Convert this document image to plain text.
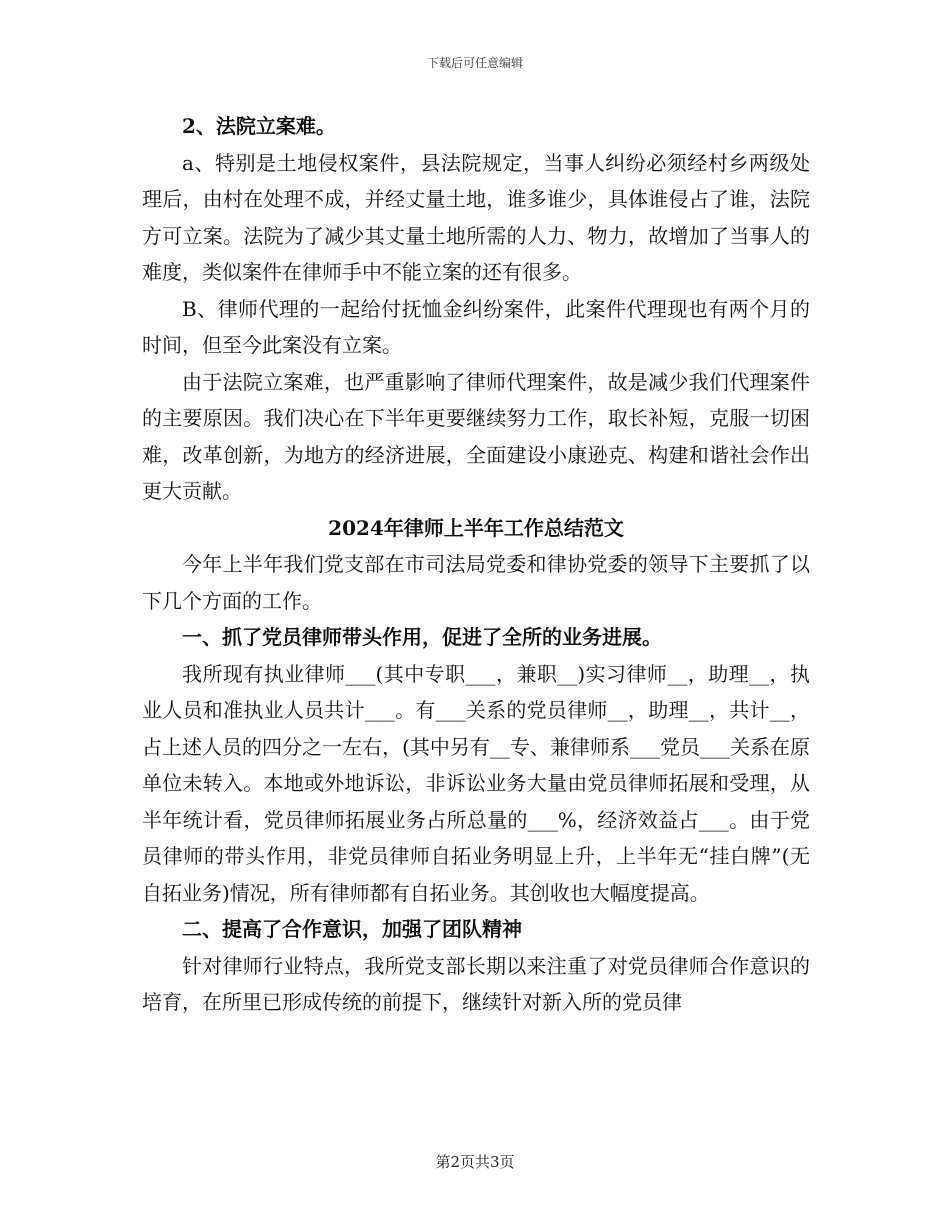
下载后可任意编辑

2、法院立案难。

a、特别是土地侵权案件，县法院规定，当事人纠纷必须经村乡两级处理后，由村在处理不成，并经丈量土地，谁多谁少，具体谁侵占了谁，法院方可立案。法院为了减少其丈量土地所需的人力、物力，故增加了当事人的难度，类似案件在律师手中不能立案的还有很多。

B、律师代理的一起给付抚恤金纠纷案件，此案件代理现也有两个月的时间，但至今此案没有立案。

由于法院立案难，也严重影响了律师代理案件，故是减少我们代理案件的主要原因。我们决心在下半年更要继续努力工作，取长补短，克服一切困难，改革创新，为地方的经济进展，全面建设小康逊克、构建和谐社会作出更大贡献。

2024年律师上半年工作总结范文

今年上半年我们党支部在市司法局党委和律协党委的领导下主要抓了以下几个方面的工作。

一、抓了党员律师带头作用，促进了全所的业务进展。

我所现有执业律师___(其中专职___，兼职__)实习律师__，助理__，执业人员和准执业人员共计___。有___关系的党员律师__，助理__，共计__，占上述人员的四分之一左右，(其中另有__专、兼律师系___党员___关系在原单位未转入。本地或外地诉讼，非诉讼业务大量由党员律师拓展和受理，从半年统计看，党员律师拓展业务占所总量的___%，经济效益占___。由于党员律师的带头作用，非党员律师自拓业务明显上升，上半年无“挂白牌”(无自拓业务)情况，所有律师都有自拓业务。其创收也大幅度提高。

二、提高了合作意识，加强了团队精神

针对律师行业特点，我所党支部长期以来注重了对党员律师合作意识的培育，在所里已形成传统的前提下，继续针对新入所的党员律

第2页共3页
